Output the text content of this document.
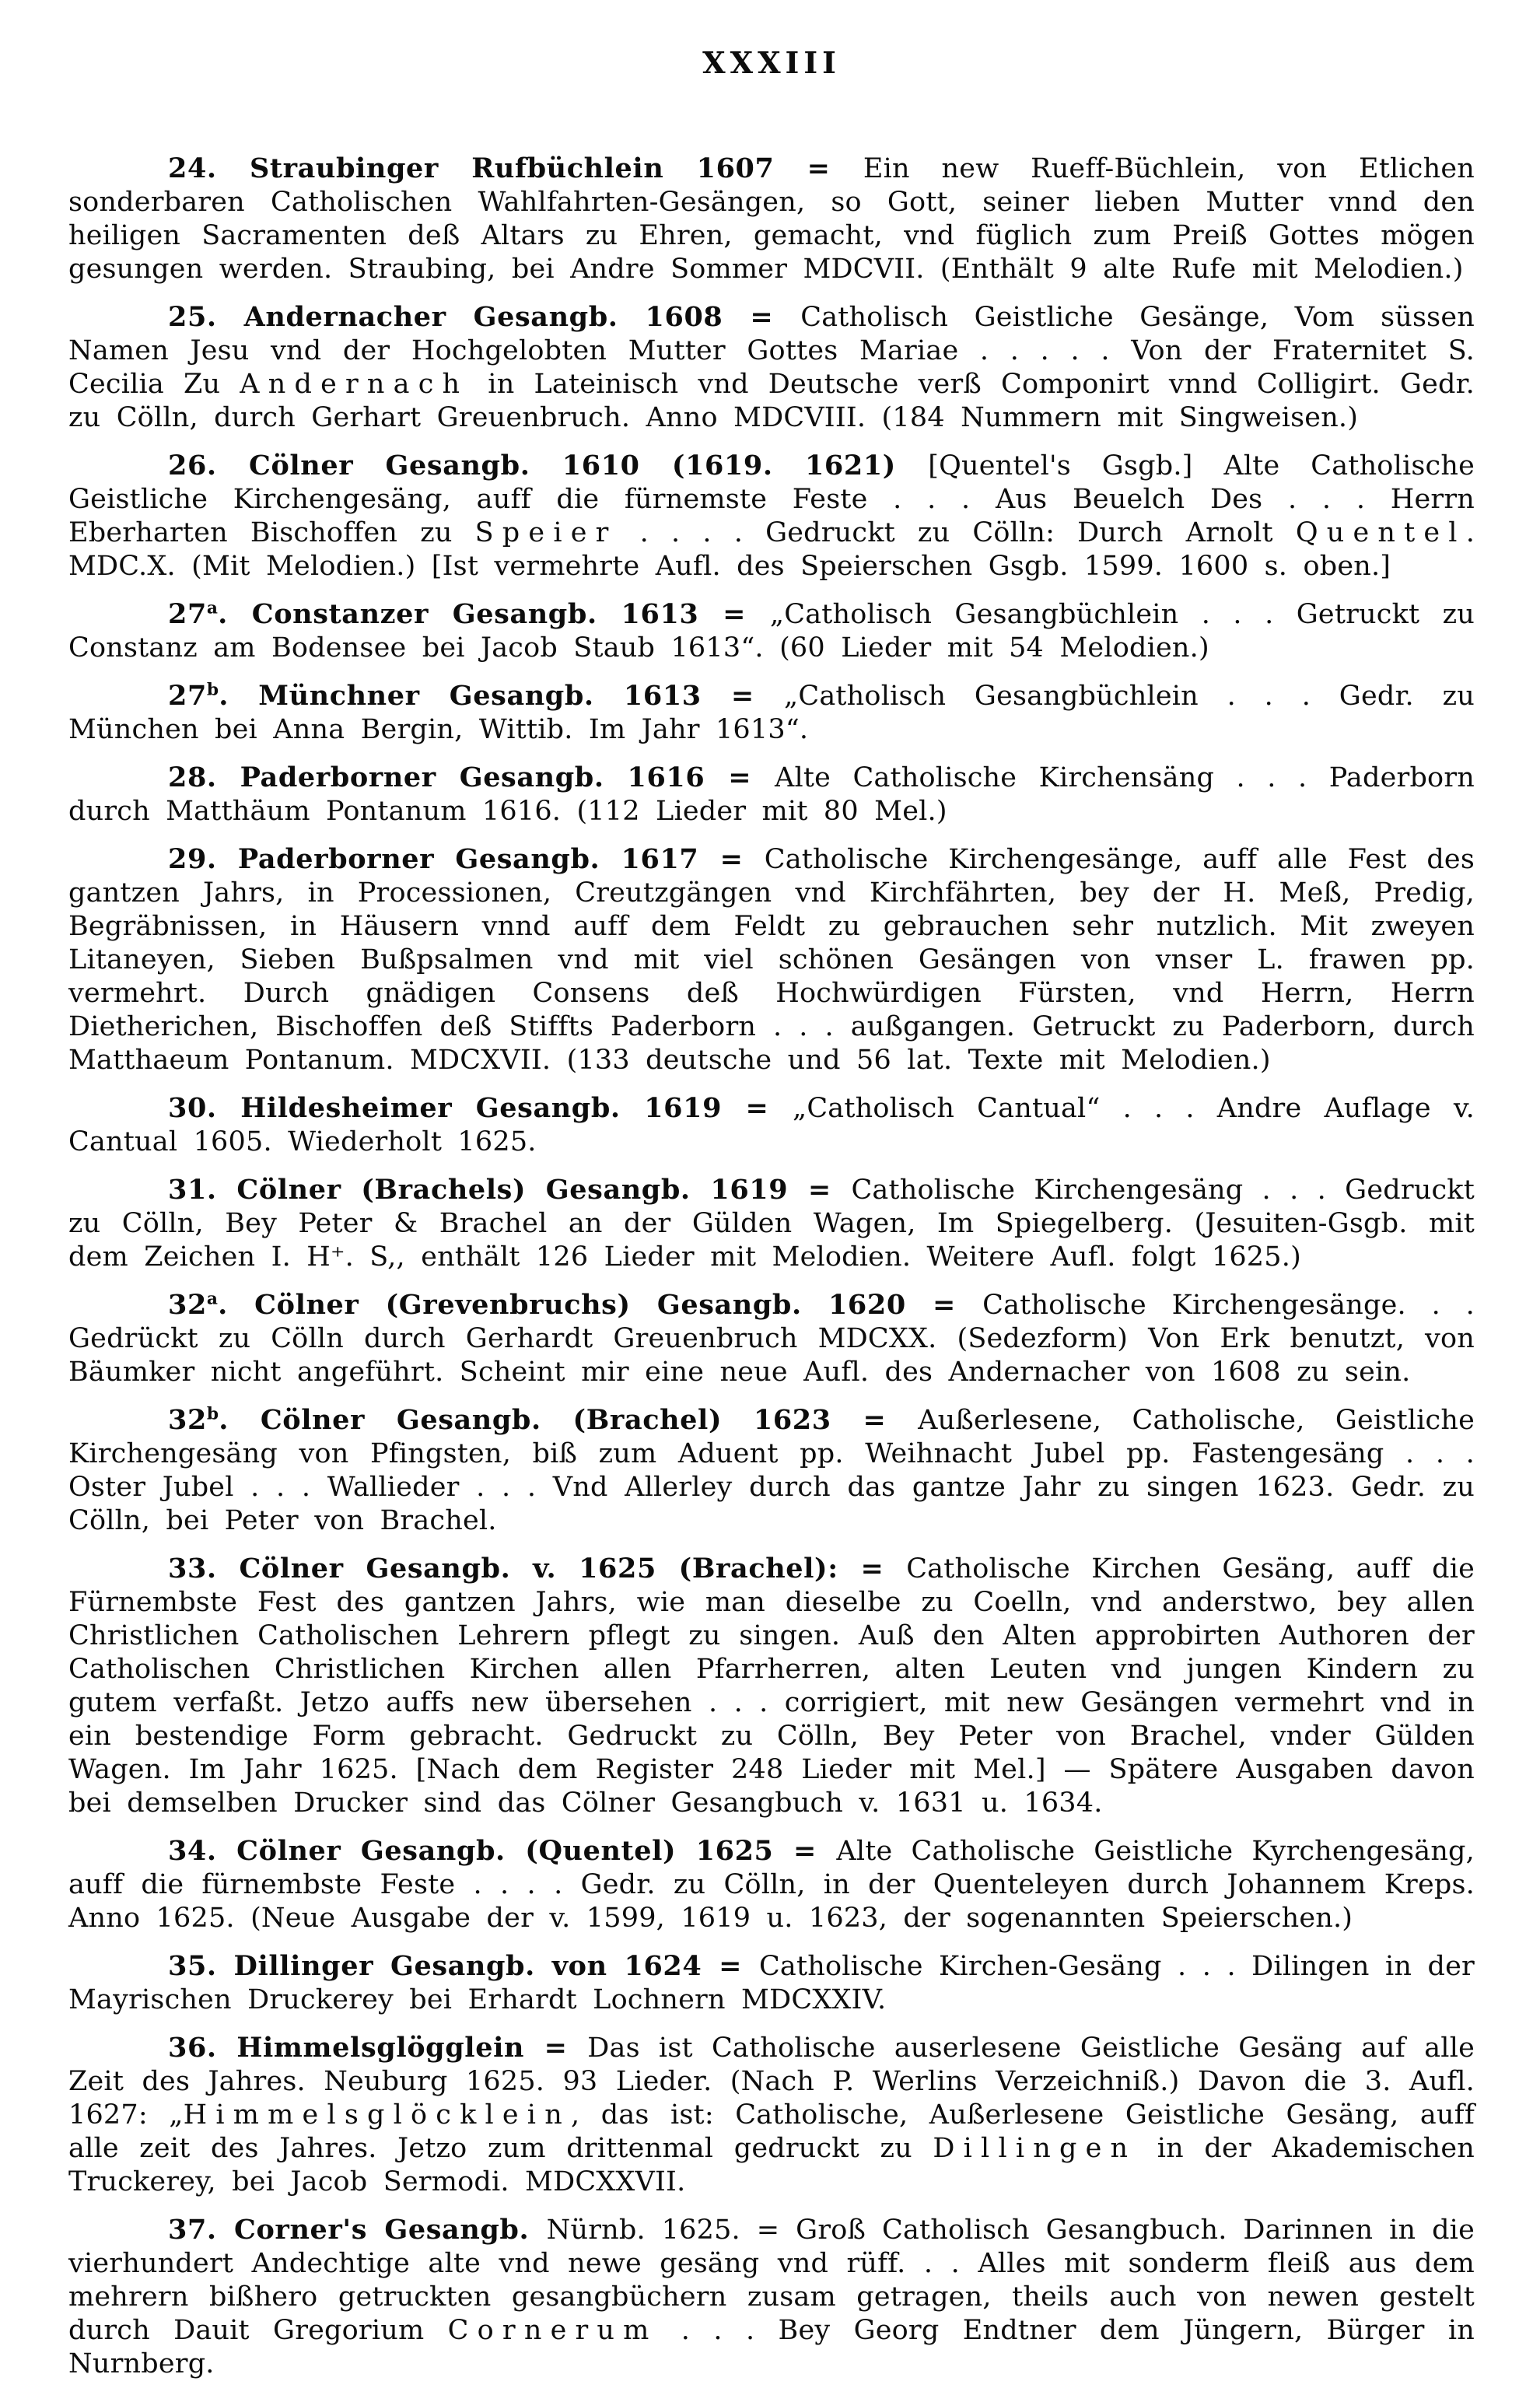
XXXIII

24. Straubinger Rufbüchlein 1607 = Ein new Rueff-Büchlein, von Etlichen sonderbaren Catholischen Wahlfahrten-Gesängen, so Gott, seiner lieben Mutter vnnd den heiligen Sacramenten deß Altars zu Ehren, gemacht, vnd füglich zum Preiß Gottes mögen gesungen werden. Straubing, bei Andre Sommer MDCVII. (Enthält 9 alte Rufe mit Melodien.)

25. Andernacher Gesangb. 1608 = Catholisch Geistliche Gesänge, Vom süssen Namen Jesu vnd der Hochgelobten Mutter Gottes Mariae . . . . . Von der Fraternitet S. Cecilia Zu Andernach in Lateinisch vnd Deutsche verß Componirt vnnd Colligirt. Gedr. zu Cölln, durch Gerhart Greuenbruch. Anno MDCVIII. (184 Nummern mit Singweisen.)

26. Cölner Gesangb. 1610 (1619. 1621) [Quentel's Gsgb.] Alte Catholische Geistliche Kirchengesäng, auff die fürnemste Feste . . . Aus Beuelch Des . . . Herrn Eberharten Bischoffen zu Speier . . . . Gedruckt zu Cölln: Durch Arnolt Quentel. MDC.X. (Mit Melodien.) [Ist vermehrte Aufl. des Speierschen Gsgb. 1599. 1600 s. oben.]

27$^a$. Constanzer Gesangb. 1613 = „Catholisch Gesangbüchlein . . . Getruckt zu Constanz am Bodensee bei Jacob Staub 1613“. (60 Lieder mit 54 Melodien.)

27$^b$. Münchner Gesangb. 1613 = „Catholisch Gesangbüchlein . . . Gedr. zu München bei Anna Bergin, Wittib. Im Jahr 1613“.

28. Paderborner Gesangb. 1616 = Alte Catholische Kirchensäng . . . Paderborn durch Matthäum Pontanum 1616. (112 Lieder mit 80 Mel.)

29. Paderborner Gesangb. 1617 = Catholische Kirchengesänge, auff alle Fest des gantzen Jahrs, in Processionen, Creutzgängen vnd Kirchfährten, bey der H. Meß, Predig, Begräbnissen, in Häusern vnnd auff dem Feldt zu gebrauchen sehr nutzlich. Mit zweyen Litaneyen, Sieben Bußpsalmen vnd mit viel schönen Gesängen von vnser L. frawen pp. vermehrt. Durch gnädigen Consens deß Hochwürdigen Fürsten, vnd Herrn, Herrn Dietherichen, Bischoffen deß Stiffts Paderborn . . . außgangen. Getruckt zu Paderborn, durch Matthaeum Pontanum. MDCXVII. (133 deutsche und 56 lat. Texte mit Melodien.)

30. Hildesheimer Gesangb. 1619 = „Catholisch Cantual“ . . . Andre Auflage v. Cantual 1605. Wiederholt 1625.

31. Cölner (Brachels) Gesangb. 1619 = Catholische Kirchengesäng . . . Gedruckt zu Cölln, Bey Peter & Brachel an der Gülden Wagen, Im Spiegelberg. (Jesuiten-Gsgb. mit dem Zeichen I. H⁺. S,, enthält 126 Lieder mit Melodien. Weitere Aufl. folgt 1625.)

32$^a$. Cölner (Grevenbruchs) Gesangb. 1620 = Catholische Kirchengesänge. . . Gedrückt zu Cölln durch Gerhardt Greuenbruch MDCXX. (Sedezform) Von Erk benutzt, von Bäumker nicht angeführt. Scheint mir eine neue Aufl. des Andernacher von 1608 zu sein.

32$^b$. Cölner Gesangb. (Brachel) 1623 = Außerlesene, Catholische, Geistliche Kirchengesäng von Pfingsten, biß zum Aduent pp. Weihnacht Jubel pp. Fastengesäng . . . Oster Jubel . . . Wallieder . . . Vnd Allerley durch das gantze Jahr zu singen 1623. Gedr. zu Cölln, bei Peter von Brachel.

33. Cölner Gesangb. v. 1625 (Brachel): = Catholische Kirchen Gesäng, auff die Fürnembste Fest des gantzen Jahrs, wie man dieselbe zu Coelln, vnd anderstwo, bey allen Christlichen Catholischen Lehrern pflegt zu singen. Auß den Alten approbirten Authoren der Catholischen Christlichen Kirchen allen Pfarrherren, alten Leuten vnd jungen Kindern zu gutem verfaßt. Jetzo auffs new übersehen . . . corrigiert, mit new Gesängen vermehrt vnd in ein bestendige Form gebracht. Gedruckt zu Cölln, Bey Peter von Brachel, vnder Gülden Wagen. Im Jahr 1625. [Nach dem Register 248 Lieder mit Mel.] — Spätere Ausgaben davon bei demselben Drucker sind das Cölner Gesangbuch v. 1631 u. 1634.

34. Cölner Gesangb. (Quentel) 1625 = Alte Catholische Geistliche Kyrchengesäng, auff die fürnembste Feste . . . . Gedr. zu Cölln, in der Quenteleyen durch Johannem Kreps. Anno 1625. (Neue Ausgabe der v. 1599, 1619 u. 1623, der sogenannten Speierschen.)

35. Dillinger Gesangb. von 1624 = Catholische Kirchen-Gesäng . . . Dilingen in der Mayrischen Druckerey bei Erhardt Lochnern MDCXXIV.

36. Himmelsglögglein = Das ist Catholische auserlesene Geistliche Gesäng auf alle Zeit des Jahres. Neuburg 1625. 93 Lieder. (Nach P. Werlins Verzeichniß.) Davon die 3. Aufl. 1627: „Himmelsglöcklein, das ist: Catholische, Außerlesene Geistliche Gesäng, auff alle zeit des Jahres. Jetzo zum drittenmal gedruckt zu Dillingen in der Akademischen Truckerey, bei Jacob Sermodi. MDCXXVII.

37. Corner's Gesangb. Nürnb. 1625. = Groß Catholisch Gesangbuch. Darinnen in die vierhundert Andechtige alte vnd newe gesäng vnd rüff. . . Alles mit sonderm fleiß aus dem mehrern bißhero getruckten gesangbüchern zusam getragen, theils auch von newen gestelt durch Dauit Gregorium Cornerum . . . Bey Georg Endtner dem Jüngern, Bürger in Nurnberg.
